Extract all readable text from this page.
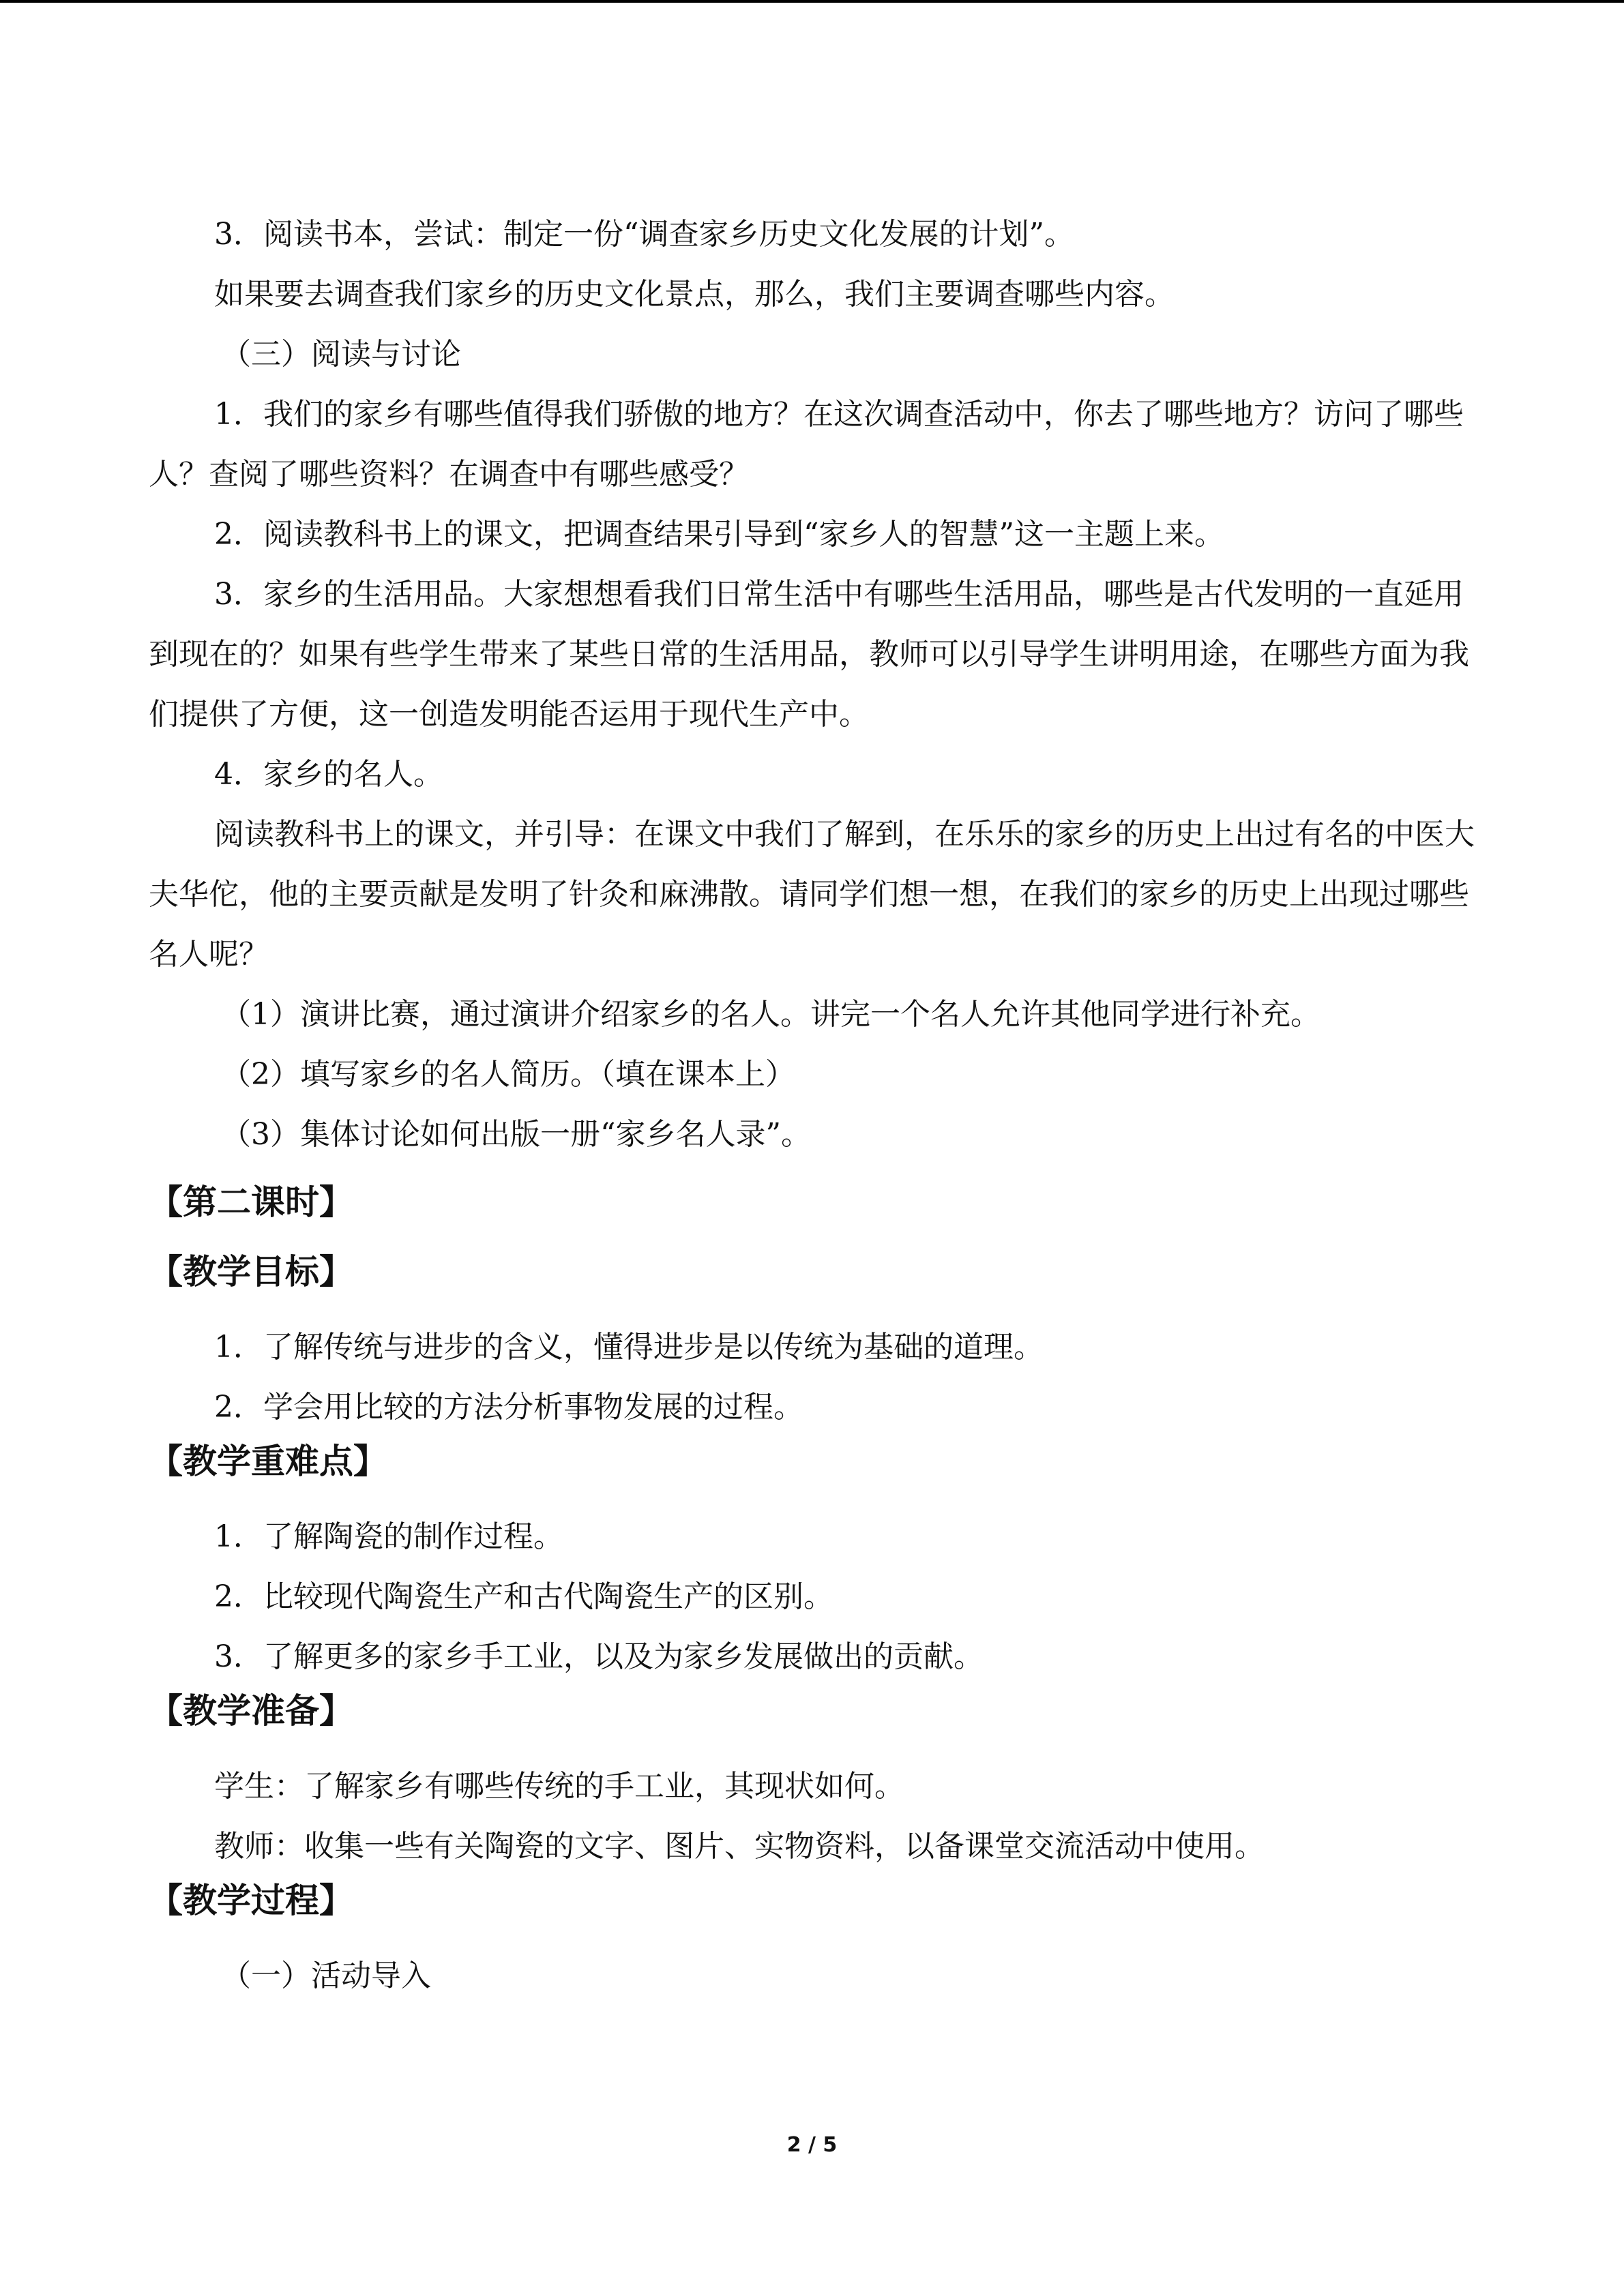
3．阅读书本，尝试：制定一份“调查家乡历史文化发展的计划”。

如果要去调查我们家乡的历史文化景点，那么，我们主要调查哪些内容。

（三）阅读与讨论

1．我们的家乡有哪些值得我们骄傲的地方？在这次调查活动中，你去了哪些地方？访问了哪些人？查阅了哪些资料？在调查中有哪些感受？

2．阅读教科书上的课文，把调查结果引导到“家乡人的智慧”这一主题上来。

3．家乡的生活用品。大家想想看我们日常生活中有哪些生活用品，哪些是古代发明的一直延用到现在的？如果有些学生带来了某些日常的生活用品，教师可以引导学生讲明用途，在哪些方面为我们提供了方便，这一创造发明能否运用于现代生产中。

4．家乡的名人。

阅读教科书上的课文，并引导：在课文中我们了解到，在乐乐的家乡的历史上出过有名的中医大夫华佗，他的主要贡献是发明了针灸和麻沸散。请同学们想一想，在我们的家乡的历史上出现过哪些名人呢？

（1）演讲比赛，通过演讲介绍家乡的名人。讲完一个名人允许其他同学进行补充。

（2）填写家乡的名人简历。（填在课本上）

（3）集体讨论如何出版一册“家乡名人录”。

【第二课时】
【教学目标】

1．了解传统与进步的含义，懂得进步是以传统为基础的道理。

2．学会用比较的方法分析事物发展的过程。

【教学重难点】

1．了解陶瓷的制作过程。

2．比较现代陶瓷生产和古代陶瓷生产的区别。

3．了解更多的家乡手工业，以及为家乡发展做出的贡献。

【教学准备】

学生：了解家乡有哪些传统的手工业，其现状如何。

教师：收集一些有关陶瓷的文字、图片、实物资料，以备课堂交流活动中使用。

【教学过程】

（一）活动导入

2 / 5
